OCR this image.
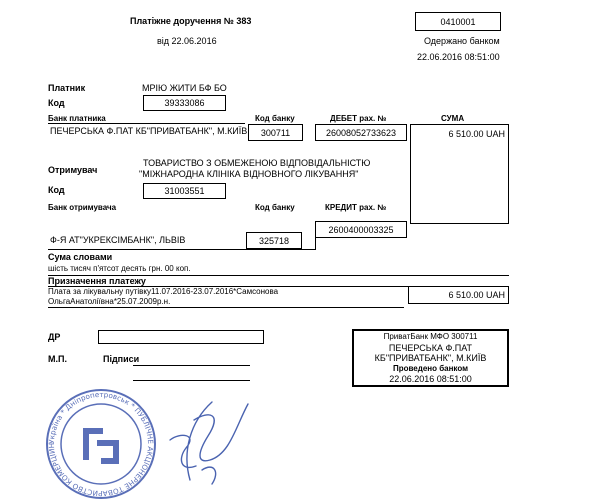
Платіжне доручення № 383
від 22.06.2016
0410001
Одержано банком
22.06.2016 08:51:00
Платник	МРІЮ ЖИТИ БФ БО
Код	39333086
Банк платника	Код банку	ДЕБЕТ рах. №	СУМА
ПЕЧЕРСЬКА Ф.ПАТ КБ"ПРИВАТБАНК", М.КИЇВ	300711	26008052733623	6 510.00 UAH
Отримувач
ТОВАРИСТВО З ОБМЕЖЕНОЮ ВІДПОВІДАЛЬНІСТЮ
"МІЖНАРОДНА КЛІНІКА ВІДНОВНОГО ЛІКУВАННЯ"
Код	31003551
Банк отримувача	Код банку	КРЕДИТ рах. №
2600400003325
Ф-Я АТ"УКРЕКСІМБАНК", ЛЬВІВ	325718
Сума словами
шість тисяч п'ятсот десять грн. 00 коп.
Призначення платежу
Плата за лікувальну путівку11.07.2016-23.07.2016*Самсонова
ОльгаАнатоліївна*25.07.2009р.н.
6 510.00 UAH
ДР
М.П.	Підписи
ПриватБанк МФО 300711
ПЕЧЕРСЬКА Ф.ПАТ
КБ"ПРИВАТБАНК", М.КИЇВ
Проведено банком
22.06.2016 08:51:00
Україна * Дніпропетровськ * ПУБЛІЧНЕ АКЦІОНЕРНЕ ТОВАРИСТВО КОМЕРЦІЙНИЙ БАНК "ПРИВАТБАНК" * Код 14360570 *
